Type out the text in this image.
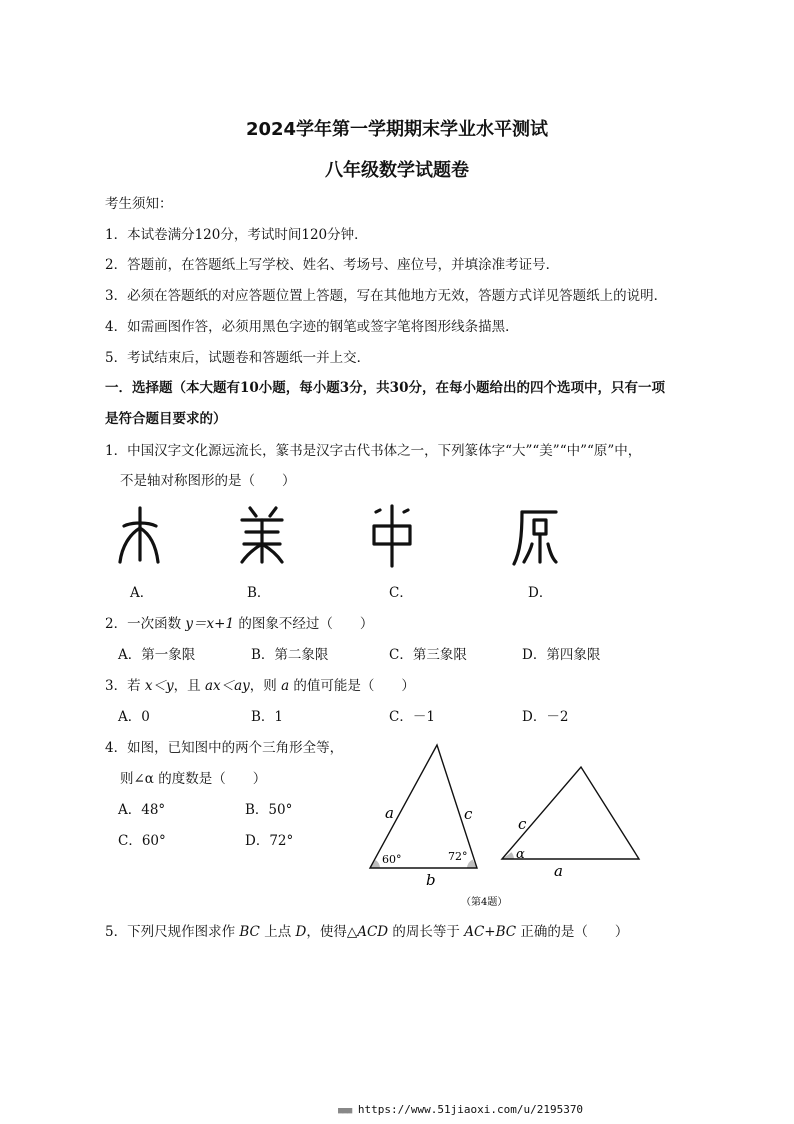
2024学年第一学期期末学业水平测试
八年级数学试题卷
考生须知：
1．本试卷满分120分，考试时间120分钟．
2．答题前，在答题纸上写学校、姓名、考场号、座位号，并填涂准考证号．
3．必须在答题纸的对应答题位置上答题，写在其他地方无效，答题方式详见答题纸上的说明．
4．如需画图作答，必须用黑色字迹的钢笔或签字笔将图形线条描黑．
5．考试结束后，试题卷和答题纸一并上交．
一．选择题（本大题有10小题，每小题3分，共30分，在每小题给出的四个选项中，只有一项
是符合题目要求的）
1．中国汉字文化源远流长，篆书是汉字古代书体之一，下列篆体字“大”“美”“中”“原”中，
不是轴对称图形的是（　　）
A．	B．	C．	D．
2．一次函数 y＝x+1 的图象不经过（　　）
A．第一象限	B．第二象限	C．第三象限	D．第四象限
3．若 x＜y，且 ax＜ay，则 a 的值可能是（　　）
A．0	B．1	C．－1	D．－2
4．如图，已知图中的两个三角形全等，
则∠α 的度数是（　　）
A．48°	B．50°
C．60°	D．72°
a	c
b
60°	72°
c
a
α
（第4题）
5．下列尺规作图求作 BC 上点 D，使得△ACD 的周长等于 AC+BC 正确的是（　　）
■■■ https://www.51jiaoxi.com/u/2195370
